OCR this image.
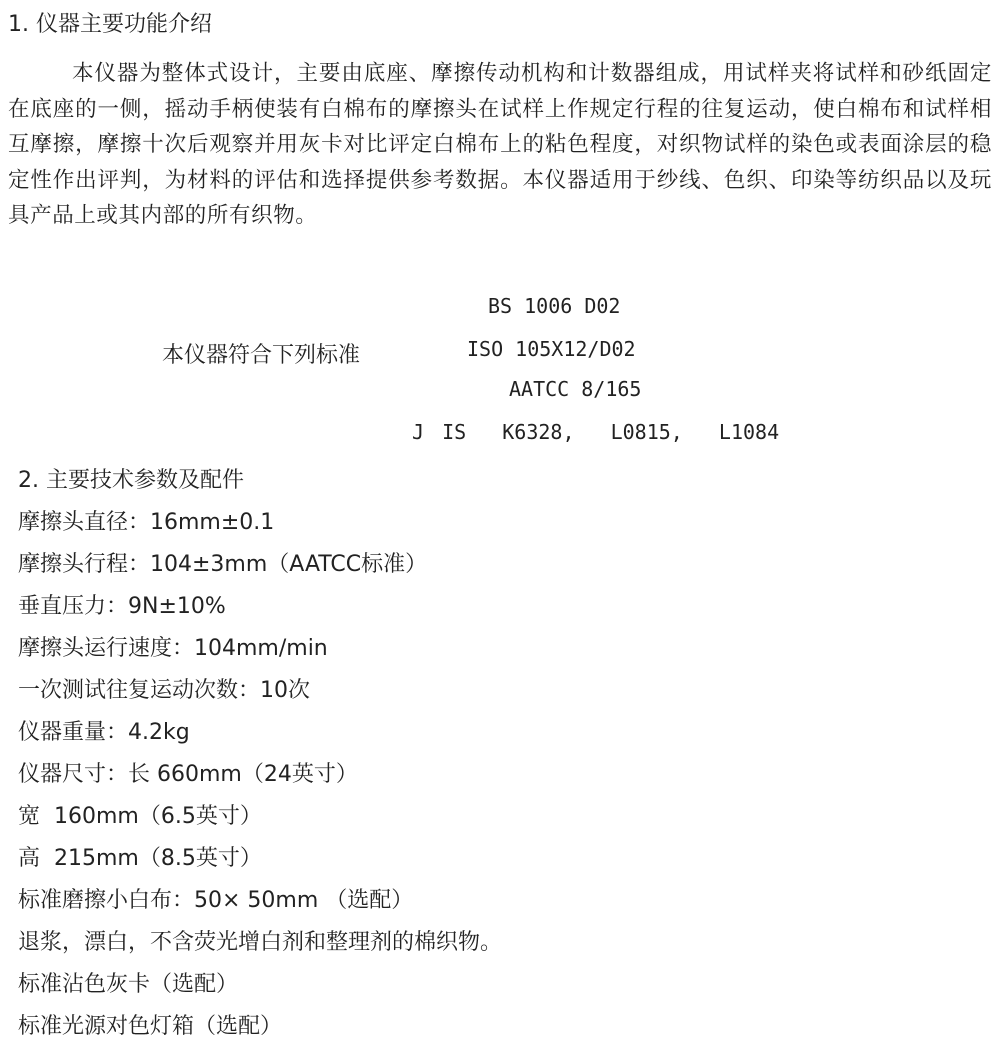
1. 仪器主要功能介绍

本仪器为整体式设计，主要由底座、摩擦传动机构和计数器组成，用试样夹将试样和砂纸固定在底座的一侧，摇动手柄使装有白棉布的摩擦头在试样上作规定行程的往复运动，使白棉布和试样相互摩擦，摩擦十次后观察并用灰卡对比评定白棉布上的粘色程度，对织物试样的染色或表面涂层的稳定性作出评判，为材料的评估和选择提供参考数据。本仪器适用于纱线、色织、印染等纺织品以及玩具产品上或其内部的所有织物。

本仪器符合下列标准
BS 1006 D02
ISO 105X12/D02
AATCC 8/165
J IS  K6328,  L0815,  L1084
2. 主要技术参数及配件
摩擦头直径：16mm±0.1
摩擦头行程：104±3mm（AATCC标准）
垂直压力：9N±10%
摩擦头运行速度：104mm/min
一次测试往复运动次数：10次
仪器重量：4.2kg
仪器尺寸：长 660mm（24英寸）
宽  160mm（6.5英寸）
高  215mm（8.5英寸）
标准磨擦小白布：50× 50mm （选配）
退浆，漂白，不含荧光增白剂和整理剂的棉织物。
标准沾色灰卡（选配）
标准光源对色灯箱（选配）
